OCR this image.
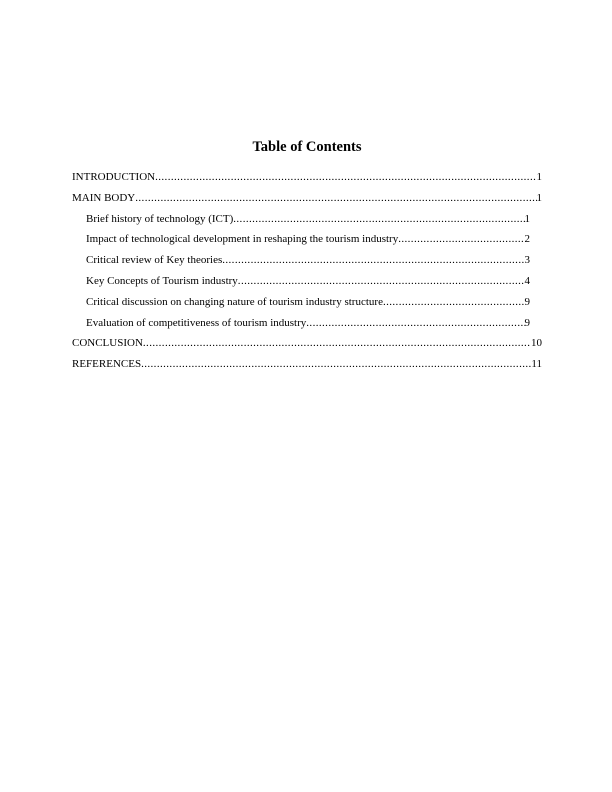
Table of Contents
INTRODUCTION .....	1
MAIN BODY .....	1
Brief history of technology (ICT) .....	1
Impact of technological development in reshaping the tourism industry .....	2
Critical review of Key theories .....	3
Key Concepts of Tourism industry .....	4
Critical discussion on changing nature of tourism industry structure .....	9
Evaluation of competitiveness of tourism industry .....	9
CONCLUSION .....	10
REFERENCES .....	11
